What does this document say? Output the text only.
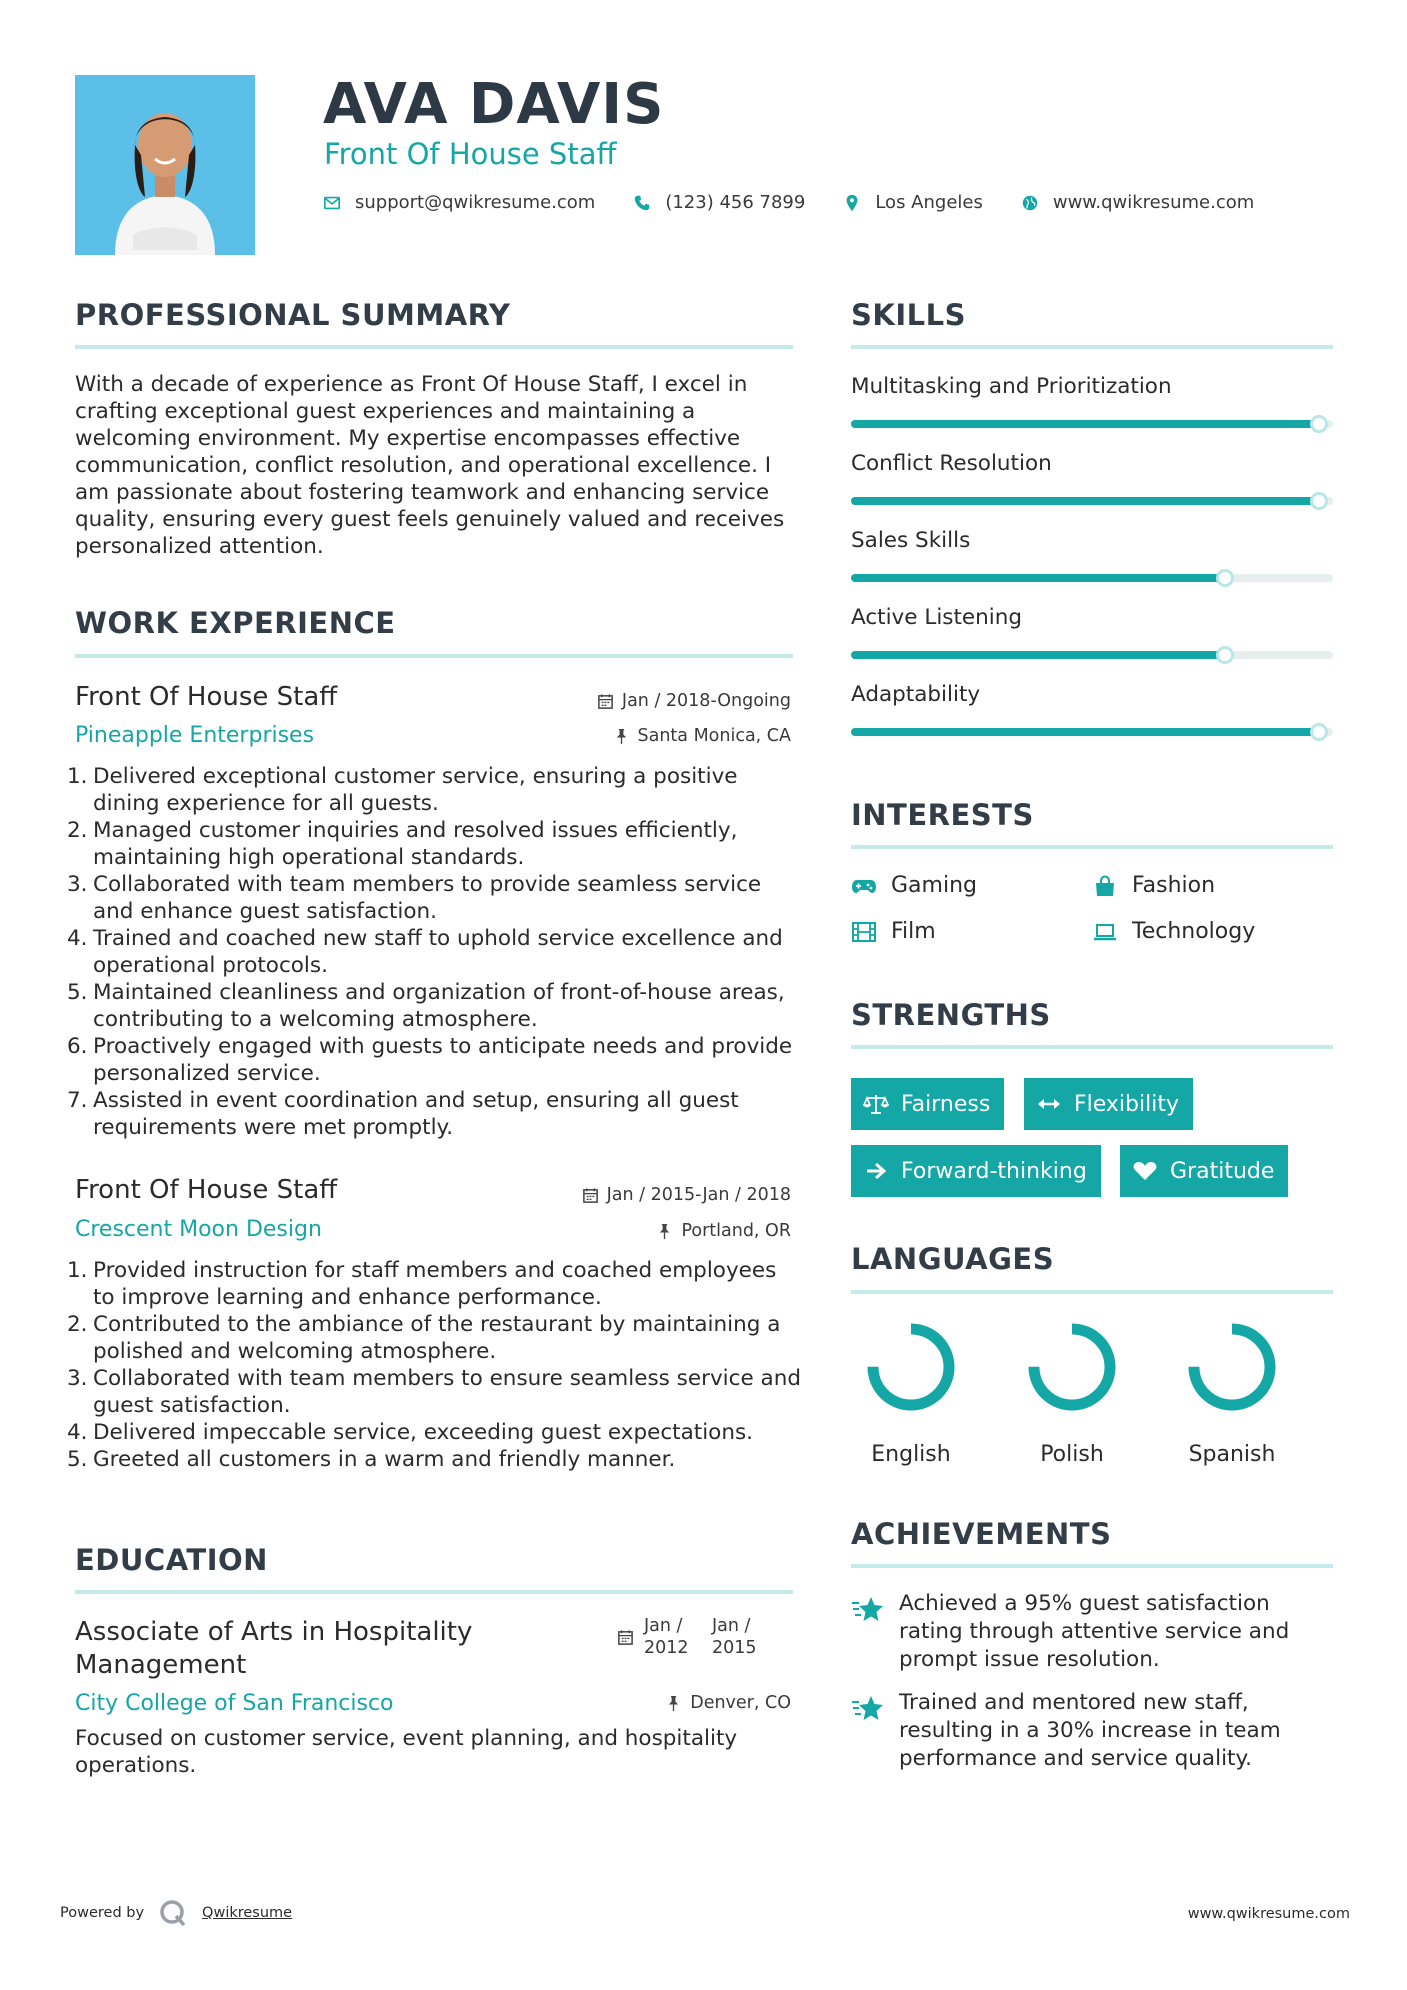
AVA DAVIS
Front Of House Staff
support@qwikresume.com	(123) 456 7899	Los Angeles	www.qwikresume.com
PROFESSIONAL SUMMARY
With a decade of experience as Front Of House Staff, I excel in crafting exceptional guest experiences and maintaining a welcoming environment. My expertise encompasses effective communication, conflict resolution, and operational excellence. I am passionate about fostering teamwork and enhancing service quality, ensuring every guest feels genuinely valued and receives personalized attention.
WORK EXPERIENCE
Front Of House Staff	Jan / 2018-Ongoing
Pineapple Enterprises	Santa Monica, CA
1. Delivered exceptional customer service, ensuring a positive dining experience for all guests.
2. Managed customer inquiries and resolved issues efficiently, maintaining high operational standards.
3. Collaborated with team members to provide seamless service and enhance guest satisfaction.
4. Trained and coached new staff to uphold service excellence and operational protocols.
5. Maintained cleanliness and organization of front-of-house areas, contributing to a welcoming atmosphere.
6. Proactively engaged with guests to anticipate needs and provide personalized service.
7. Assisted in event coordination and setup, ensuring all guest requirements were met promptly.
Front Of House Staff	Jan / 2015-Jan / 2018
Crescent Moon Design	Portland, OR
1. Provided instruction for staff members and coached employees to improve learning and enhance performance.
2. Contributed to the ambiance of the restaurant by maintaining a polished and welcoming atmosphere.
3. Collaborated with team members to ensure seamless service and guest satisfaction.
4. Delivered impeccable service, exceeding guest expectations.
5. Greeted all customers in a warm and friendly manner.
EDUCATION
Associate of Arts in Hospitality Management
Jan / 2012
Jan / 2015
City College of San Francisco	Denver, CO
Focused on customer service, event planning, and hospitality operations.
SKILLS
Multitasking and Prioritization
Conflict Resolution
Sales Skills
Active Listening
Adaptability
INTERESTS
Gaming	Fashion
Film	Technology
STRENGTHS
Fairness	Flexibility
Forward-thinking	Gratitude
LANGUAGES
English	Polish	Spanish
ACHIEVEMENTS
Achieved a 95% guest satisfaction rating through attentive service and prompt issue resolution.
Trained and mentored new staff, resulting in a 30% increase in team performance and service quality.
Powered by	Qwikresume	www.qwikresume.com
